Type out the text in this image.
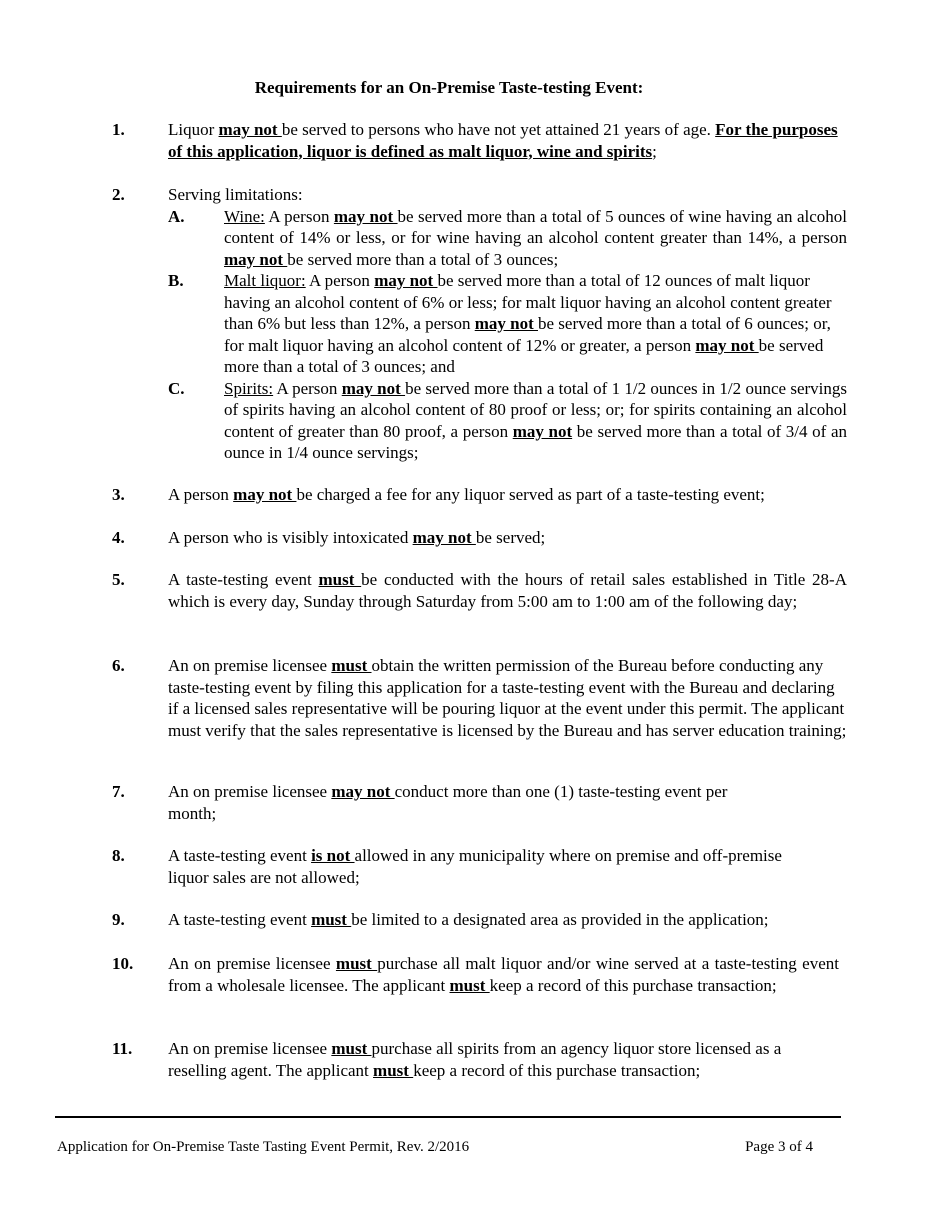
Requirements for an On-Premise Taste-testing Event:
1.	Liquor may not be served to persons who have not yet attained 21 years of age. For the purposes of this application, liquor is defined as malt liquor, wine and spirits;
2.	Serving limitations:
A. Wine: A person may not be served more than a total of 5 ounces of wine having an alcohol content of 14% or less, or for wine having an alcohol content greater than 14%, a person may not be served more than a total of 3 ounces;
B. Malt liquor: A person may not be served more than a total of 12 ounces of malt liquor having an alcohol content of 6% or less; for malt liquor having an alcohol content greater than 6% but less than 12%, a person may not be served more than a total of 6 ounces; or, for malt liquor having an alcohol content of 12% or greater, a person may not be served more than a total of 3 ounces; and
C. Spirits: A person may not be served more than a total of 1 1/2 ounces in 1/2 ounce servings of spirits having an alcohol content of 80 proof or less; or; for spirits containing an alcohol content of greater than 80 proof, a person may not be served more than a total of 3/4 of an ounce in 1/4 ounce servings;
3.	A person may not be charged a fee for any liquor served as part of a taste-testing event;
4.	A person who is visibly intoxicated may not be served;
5.	A taste-testing event must be conducted with the hours of retail sales established in Title 28-A which is every day, Sunday through Saturday from 5:00 am to 1:00 am of the following day;
6.	An on premise licensee must obtain the written permission of the Bureau before conducting any taste-testing event by filing this application for a taste-testing event with the Bureau and declaring if a licensed sales representative will be pouring liquor at the event under this permit. The applicant must verify that the sales representative is licensed by the Bureau and has server education training;
7.	An on premise licensee may not conduct more than one (1) taste-testing event per month;
8.	A taste-testing event is not allowed in any municipality where on premise and off-premise liquor sales are not allowed;
9.	A taste-testing event must be limited to a designated area as provided in the application;
10. An on premise licensee must purchase all malt liquor and/or wine served at a taste-testing event from a wholesale licensee. The applicant must keep a record of this purchase transaction;
11. An on premise licensee must purchase all spirits from an agency liquor store licensed as a reselling agent. The applicant must keep a record of this purchase transaction;
Application for On-Premise Taste Tasting Event Permit, Rev. 2/2016	Page 3 of 4
